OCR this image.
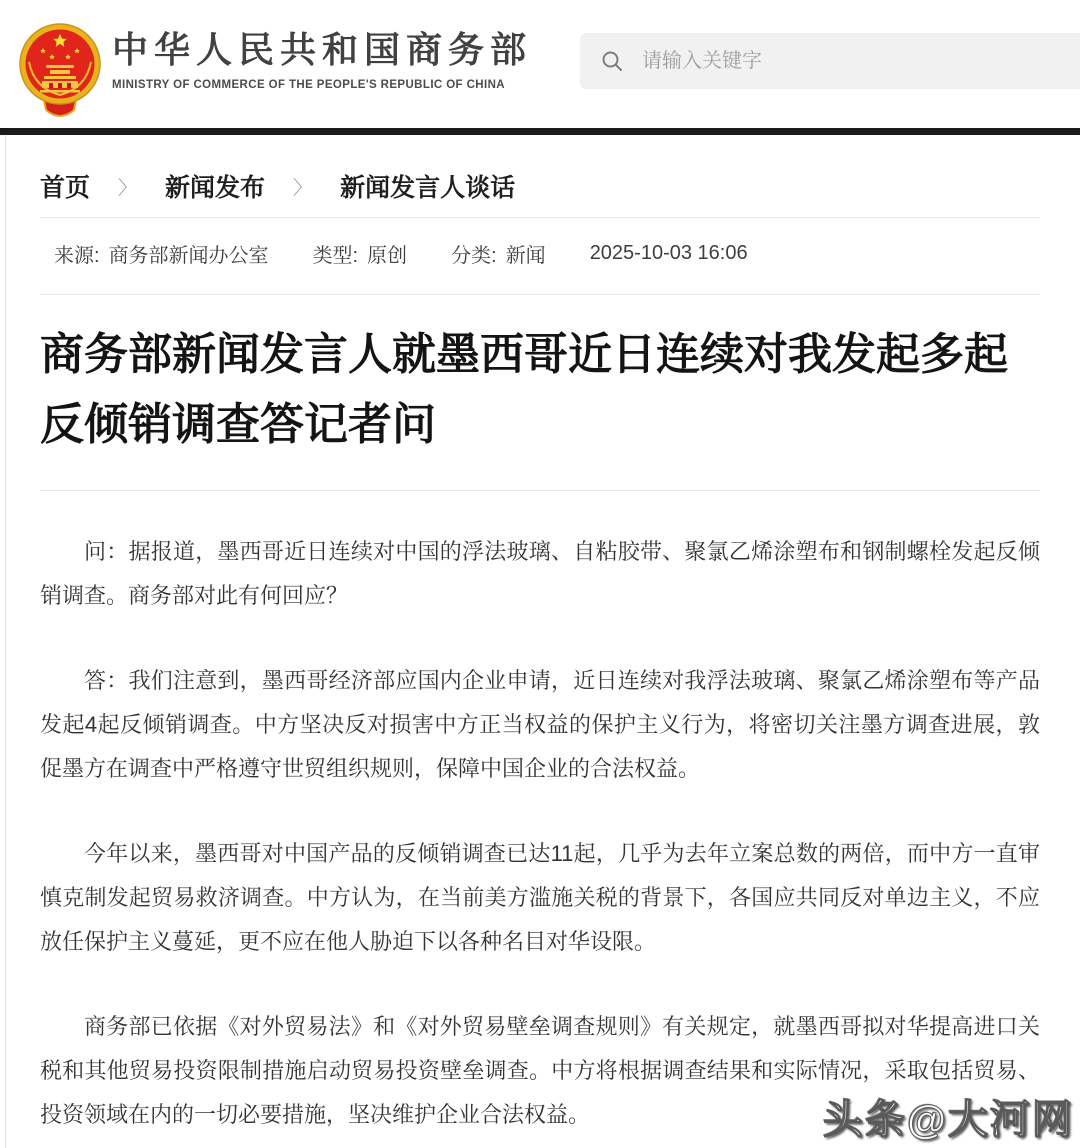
中华人民共和国商务部
MINISTRY OF COMMERCE OF THE PEOPLE'S REPUBLIC OF CHINA
请输入关键字
首页 〉 新闻发布 〉 新闻发言人谈话
来源: 商务部新闻办公室 类型: 原创 分类: 新闻 2025-10-03 16:06
商务部新闻发言人就墨西哥近日连续对我发起多起反倾销调查答记者问

问：据报道，墨西哥近日连续对中国的浮法玻璃、自粘胶带、聚氯乙烯涂塑布和钢制螺栓发起反倾销调查。商务部对此有何回应？

答：我们注意到，墨西哥经济部应国内企业申请，近日连续对我浮法玻璃、聚氯乙烯涂塑布等产品发起4起反倾销调查。中方坚决反对损害中方正当权益的保护主义行为，将密切关注墨方调查进展，敦促墨方在调查中严格遵守世贸组织规则，保障中国企业的合法权益。

今年以来，墨西哥对中国产品的反倾销调查已达11起，几乎为去年立案总数的两倍，而中方一直审慎克制发起贸易救济调查。中方认为，在当前美方滥施关税的背景下，各国应共同反对单边主义，不应放任保护主义蔓延，更不应在他人胁迫下以各种名目对华设限。

商务部已依据《对外贸易法》和《对外贸易壁垒调查规则》有关规定，就墨西哥拟对华提高进口关税和其他贸易投资限制措施启动贸易投资壁垒调查。中方将根据调查结果和实际情况，采取包括贸易、投资领域在内的一切必要措施，坚决维护企业合法权益。	头条@大河网
